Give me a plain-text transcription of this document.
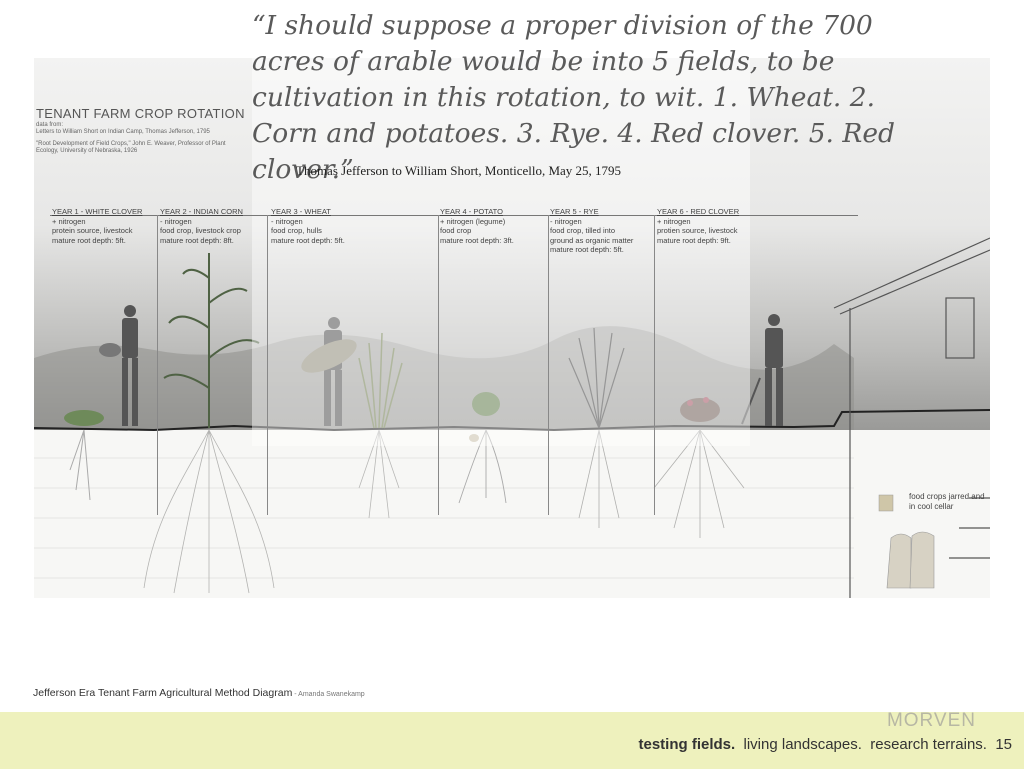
“I should suppose a proper division of the 700 acres of arable would be into 5 fields, to be cultivation in this rotation, to wit. 1. Wheat. 2. Corn and potatoes. 3. Rye. 4. Red clover. 5. Red clover.”
Thomas Jefferson to William Short, Monticello, May 25, 1795
TENANT FARM CROP ROTATION
data from:
Letters to William Short on Indian Camp, Thomas Jefferson, 1795
"Root Development of Field Crops," John E. Weaver, Professor of Plant Ecology, University of Nebraska, 1926
YEAR 1 - WHITE CLOVER
+ nitrogen
protein source, livestock
mature root depth: 5ft.
YEAR 2 - INDIAN CORN
- nitrogen
food crop, livestock crop
mature root depth: 8ft.
YEAR 3 - WHEAT
- nitrogen
food crop, hulls
mature root depth: 5ft.
YEAR 4 - POTATO
+ nitrogen (legume)
food crop
mature root depth: 3ft.
YEAR 5 - RYE
- nitrogen
food crop, tilled into
ground as organic matter
mature root depth: 5ft.
YEAR 6 - RED CLOVER
+ nitrogen
protien source, livestock
mature root depth: 9ft.
food crops jarred and
in cool cellar
Jefferson Era Tenant Farm Agricultural Method Diagram - Amanda Swanekamp
MORVEN
testing fields.  living landscapes.  research terrains. 15
